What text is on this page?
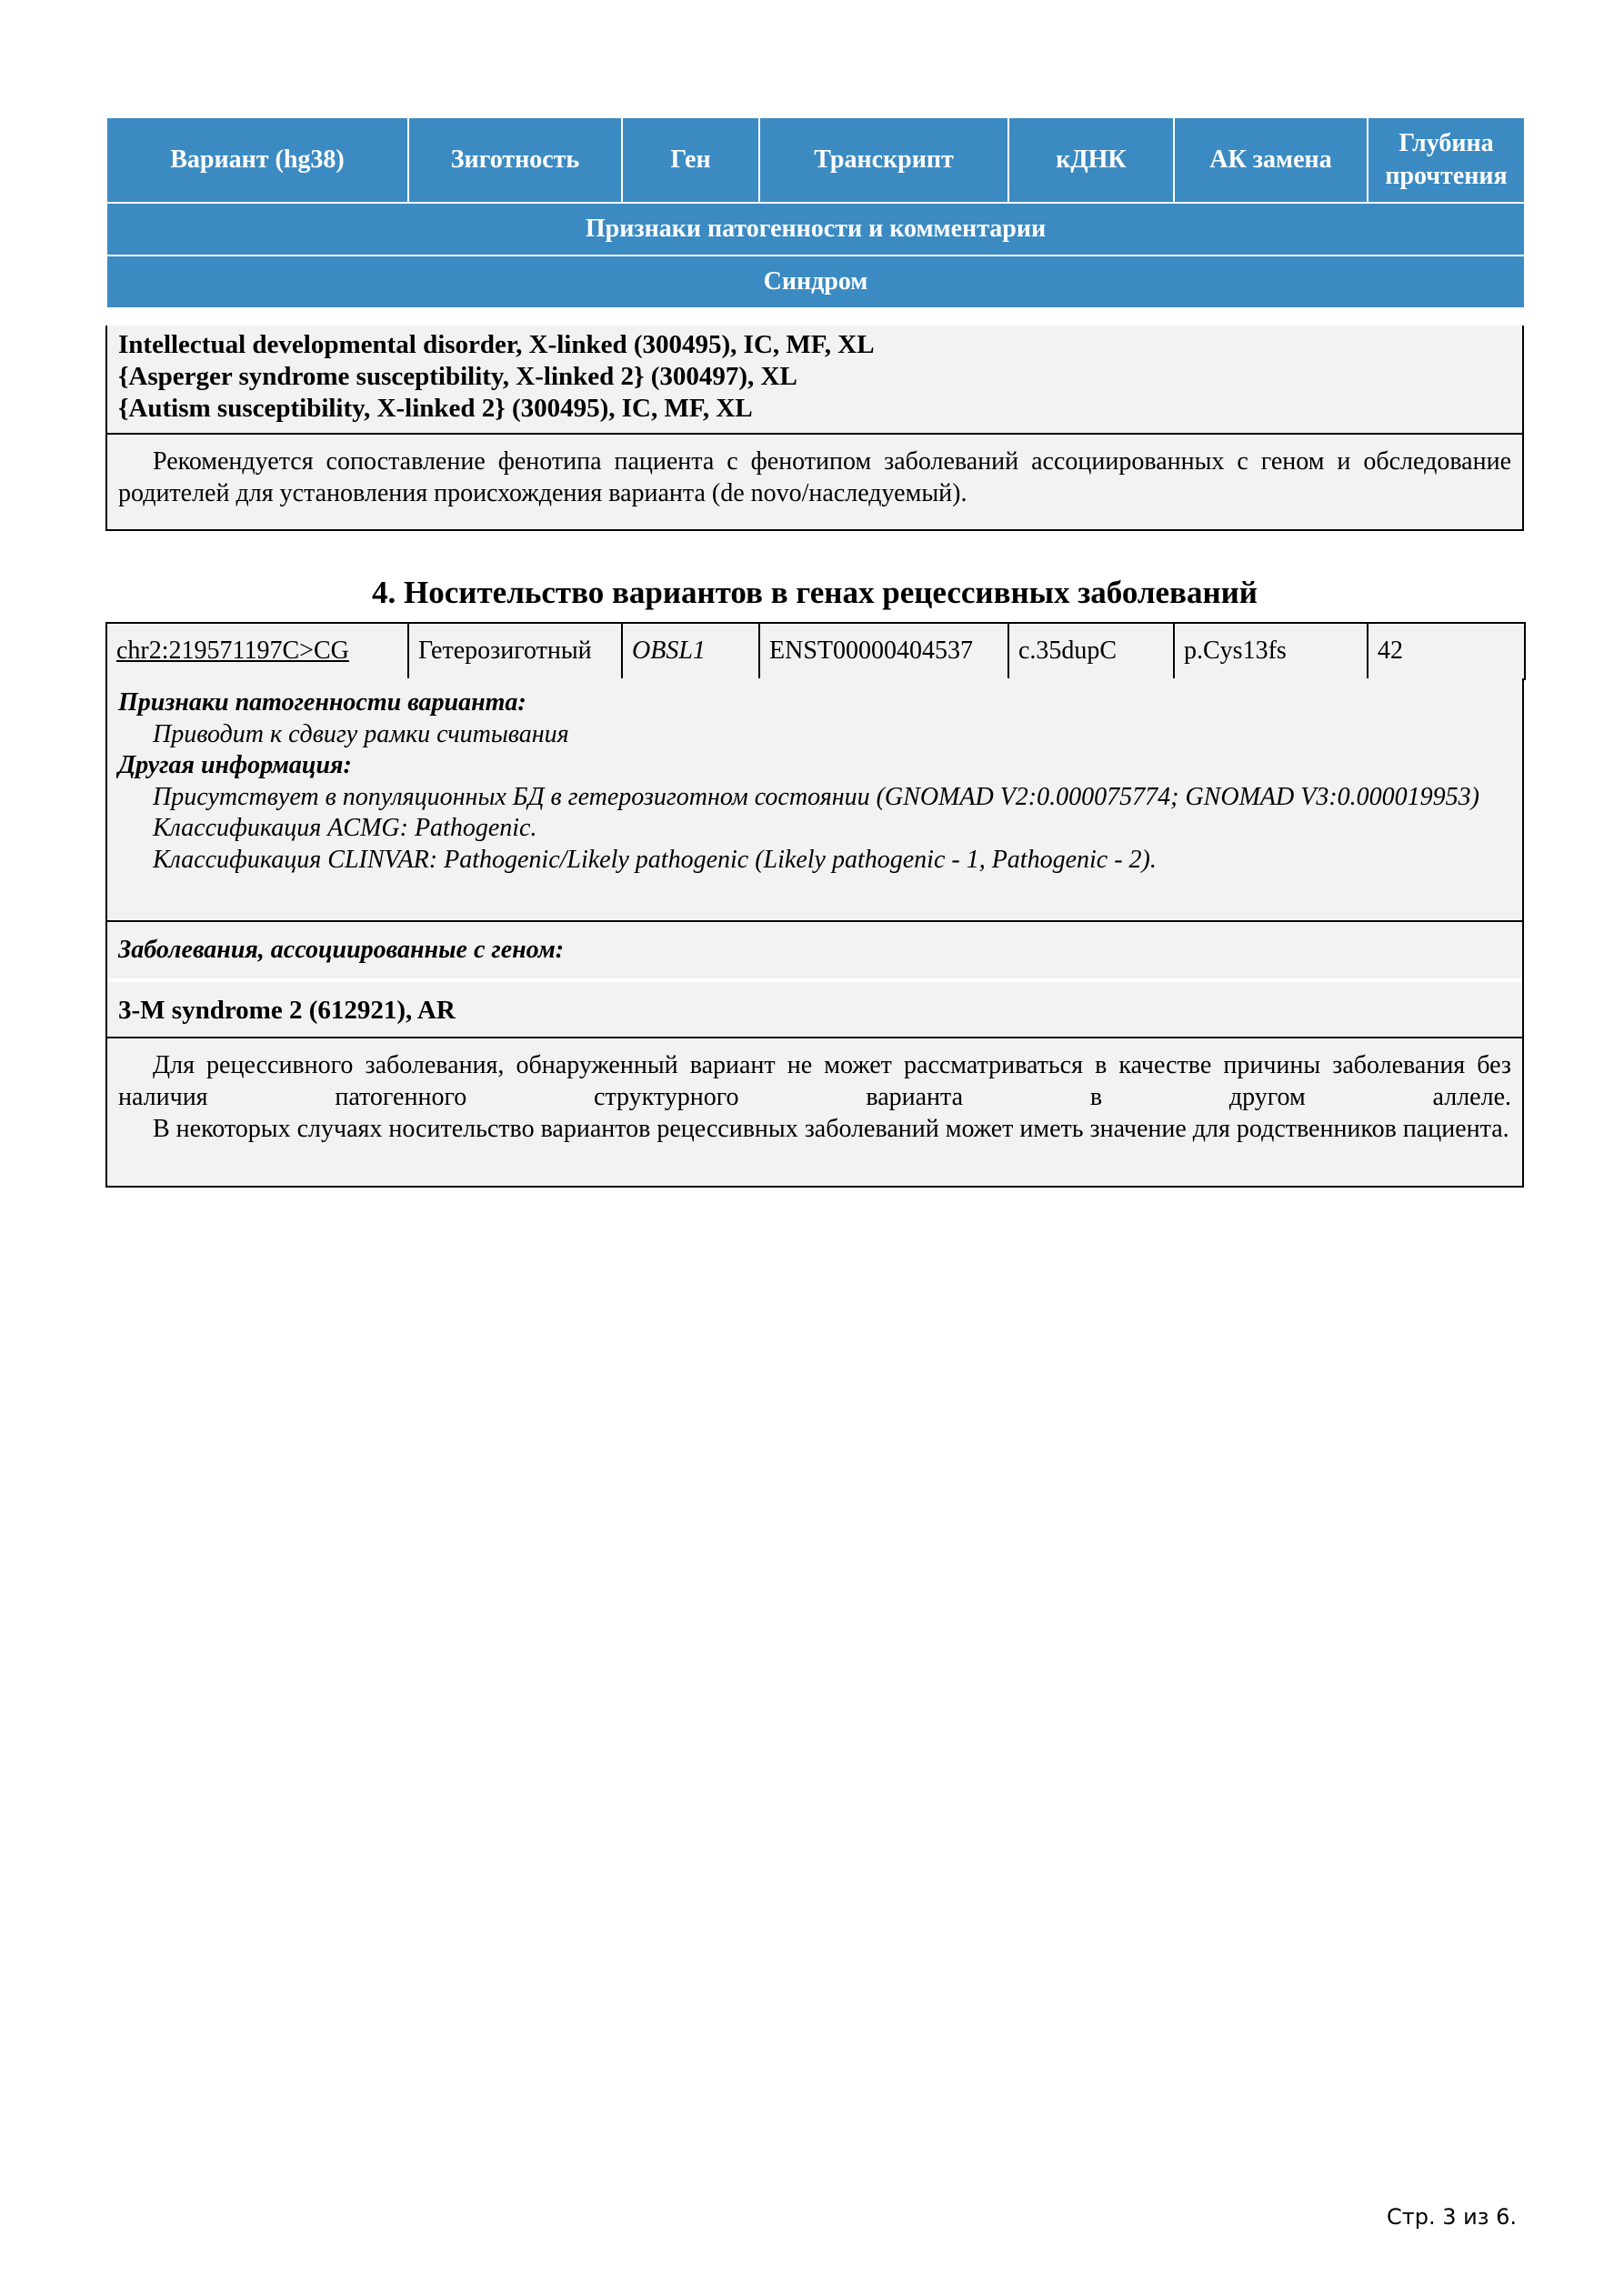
Вариант (hg38)	Зиготность	Ген	Транскрипт	кДНК	АК замена	Глубина прочтения
Признаки патогенности и комментарии
Синдром
Intellectual developmental disorder, X-linked (300495), IC, MF, XL
{Asperger syndrome susceptibility, X-linked 2} (300497), XL
{Autism susceptibility, X-linked 2} (300495), IC, MF, XL
Рекомендуется сопоставление фенотипа пациента с фенотипом заболеваний ассоциированных с геном и обследование родителей для установления происхождения варианта (de novo/наследуемый).
4. Носительство вариантов в генах рецессивных заболеваний
chr2:219571197C>CG	Гетерозиготный	OBSL1	ENST00000404537	c.35dupC	p.Cys13fs	42
Признаки патогенности варианта:
Приводит к сдвигу рамки считывания
Другая информация:
Присутствует в популяционных БД в гетерозиготном состоянии (GNOMAD V2:0.000075774; GNOMAD V3:0.000019953)
Классификация ACMG: Pathogenic.
Классификация CLINVAR: Pathogenic/Likely pathogenic (Likely pathogenic - 1, Pathogenic - 2).
Заболевания, ассоциированные с геном:
3-M syndrome 2 (612921), AR
Для рецессивного заболевания, обнаруженный вариант не может рассматриваться в качестве причины заболевания без наличия патогенного структурного варианта в другом аллеле.
В некоторых случаях носительство вариантов рецессивных заболеваний может иметь значение для родственников пациента.
Стр. 3 из 6.
